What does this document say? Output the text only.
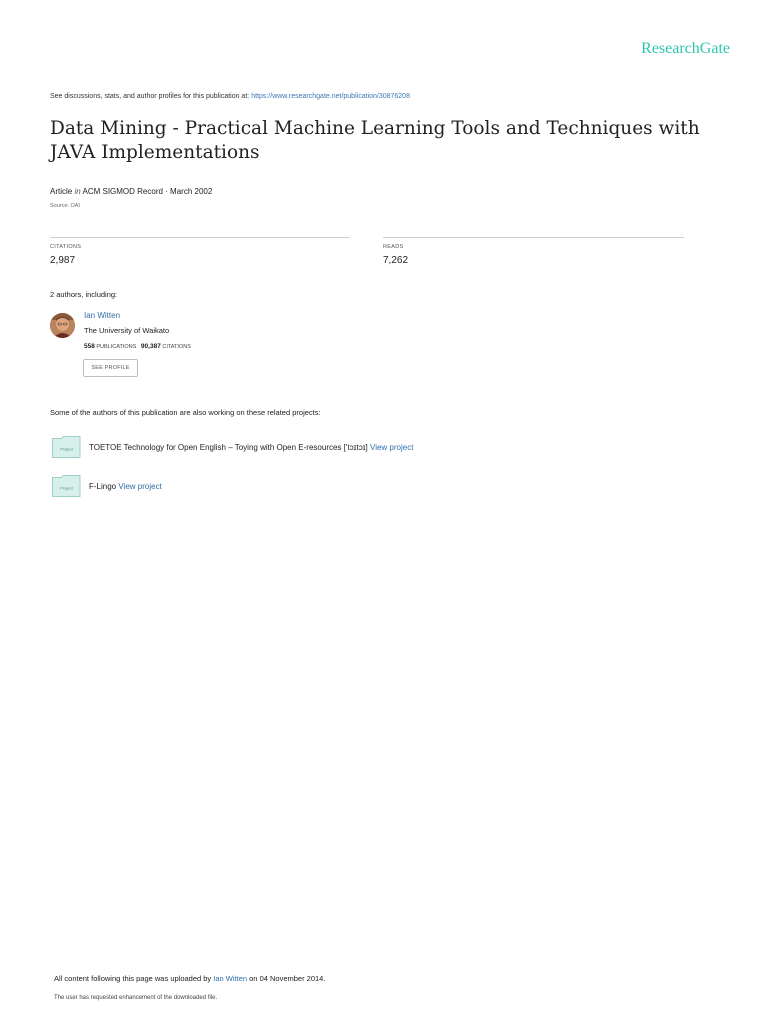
ResearchGate
See discussions, stats, and author profiles for this publication at: https://www.researchgate.net/publication/30876208
Data Mining - Practical Machine Learning Tools and Techniques with JAVA Implementations
Article in ACM SIGMOD Record · March 2002
Source: OAI
CITATIONS
2,987
READS
7,262
2 authors, including:
Ian Witten
The University of Waikato
558 PUBLICATIONS 90,387 CITATIONS
SEE PROFILE
Some of the authors of this publication are also working on these related projects:
Project TOETOE Technology for Open English – Toying with Open E-resources ['tɔɪtɔɪ] View project
Project F-Lingo View project
All content following this page was uploaded by Ian Witten on 04 November 2014.
The user has requested enhancement of the downloaded file.
